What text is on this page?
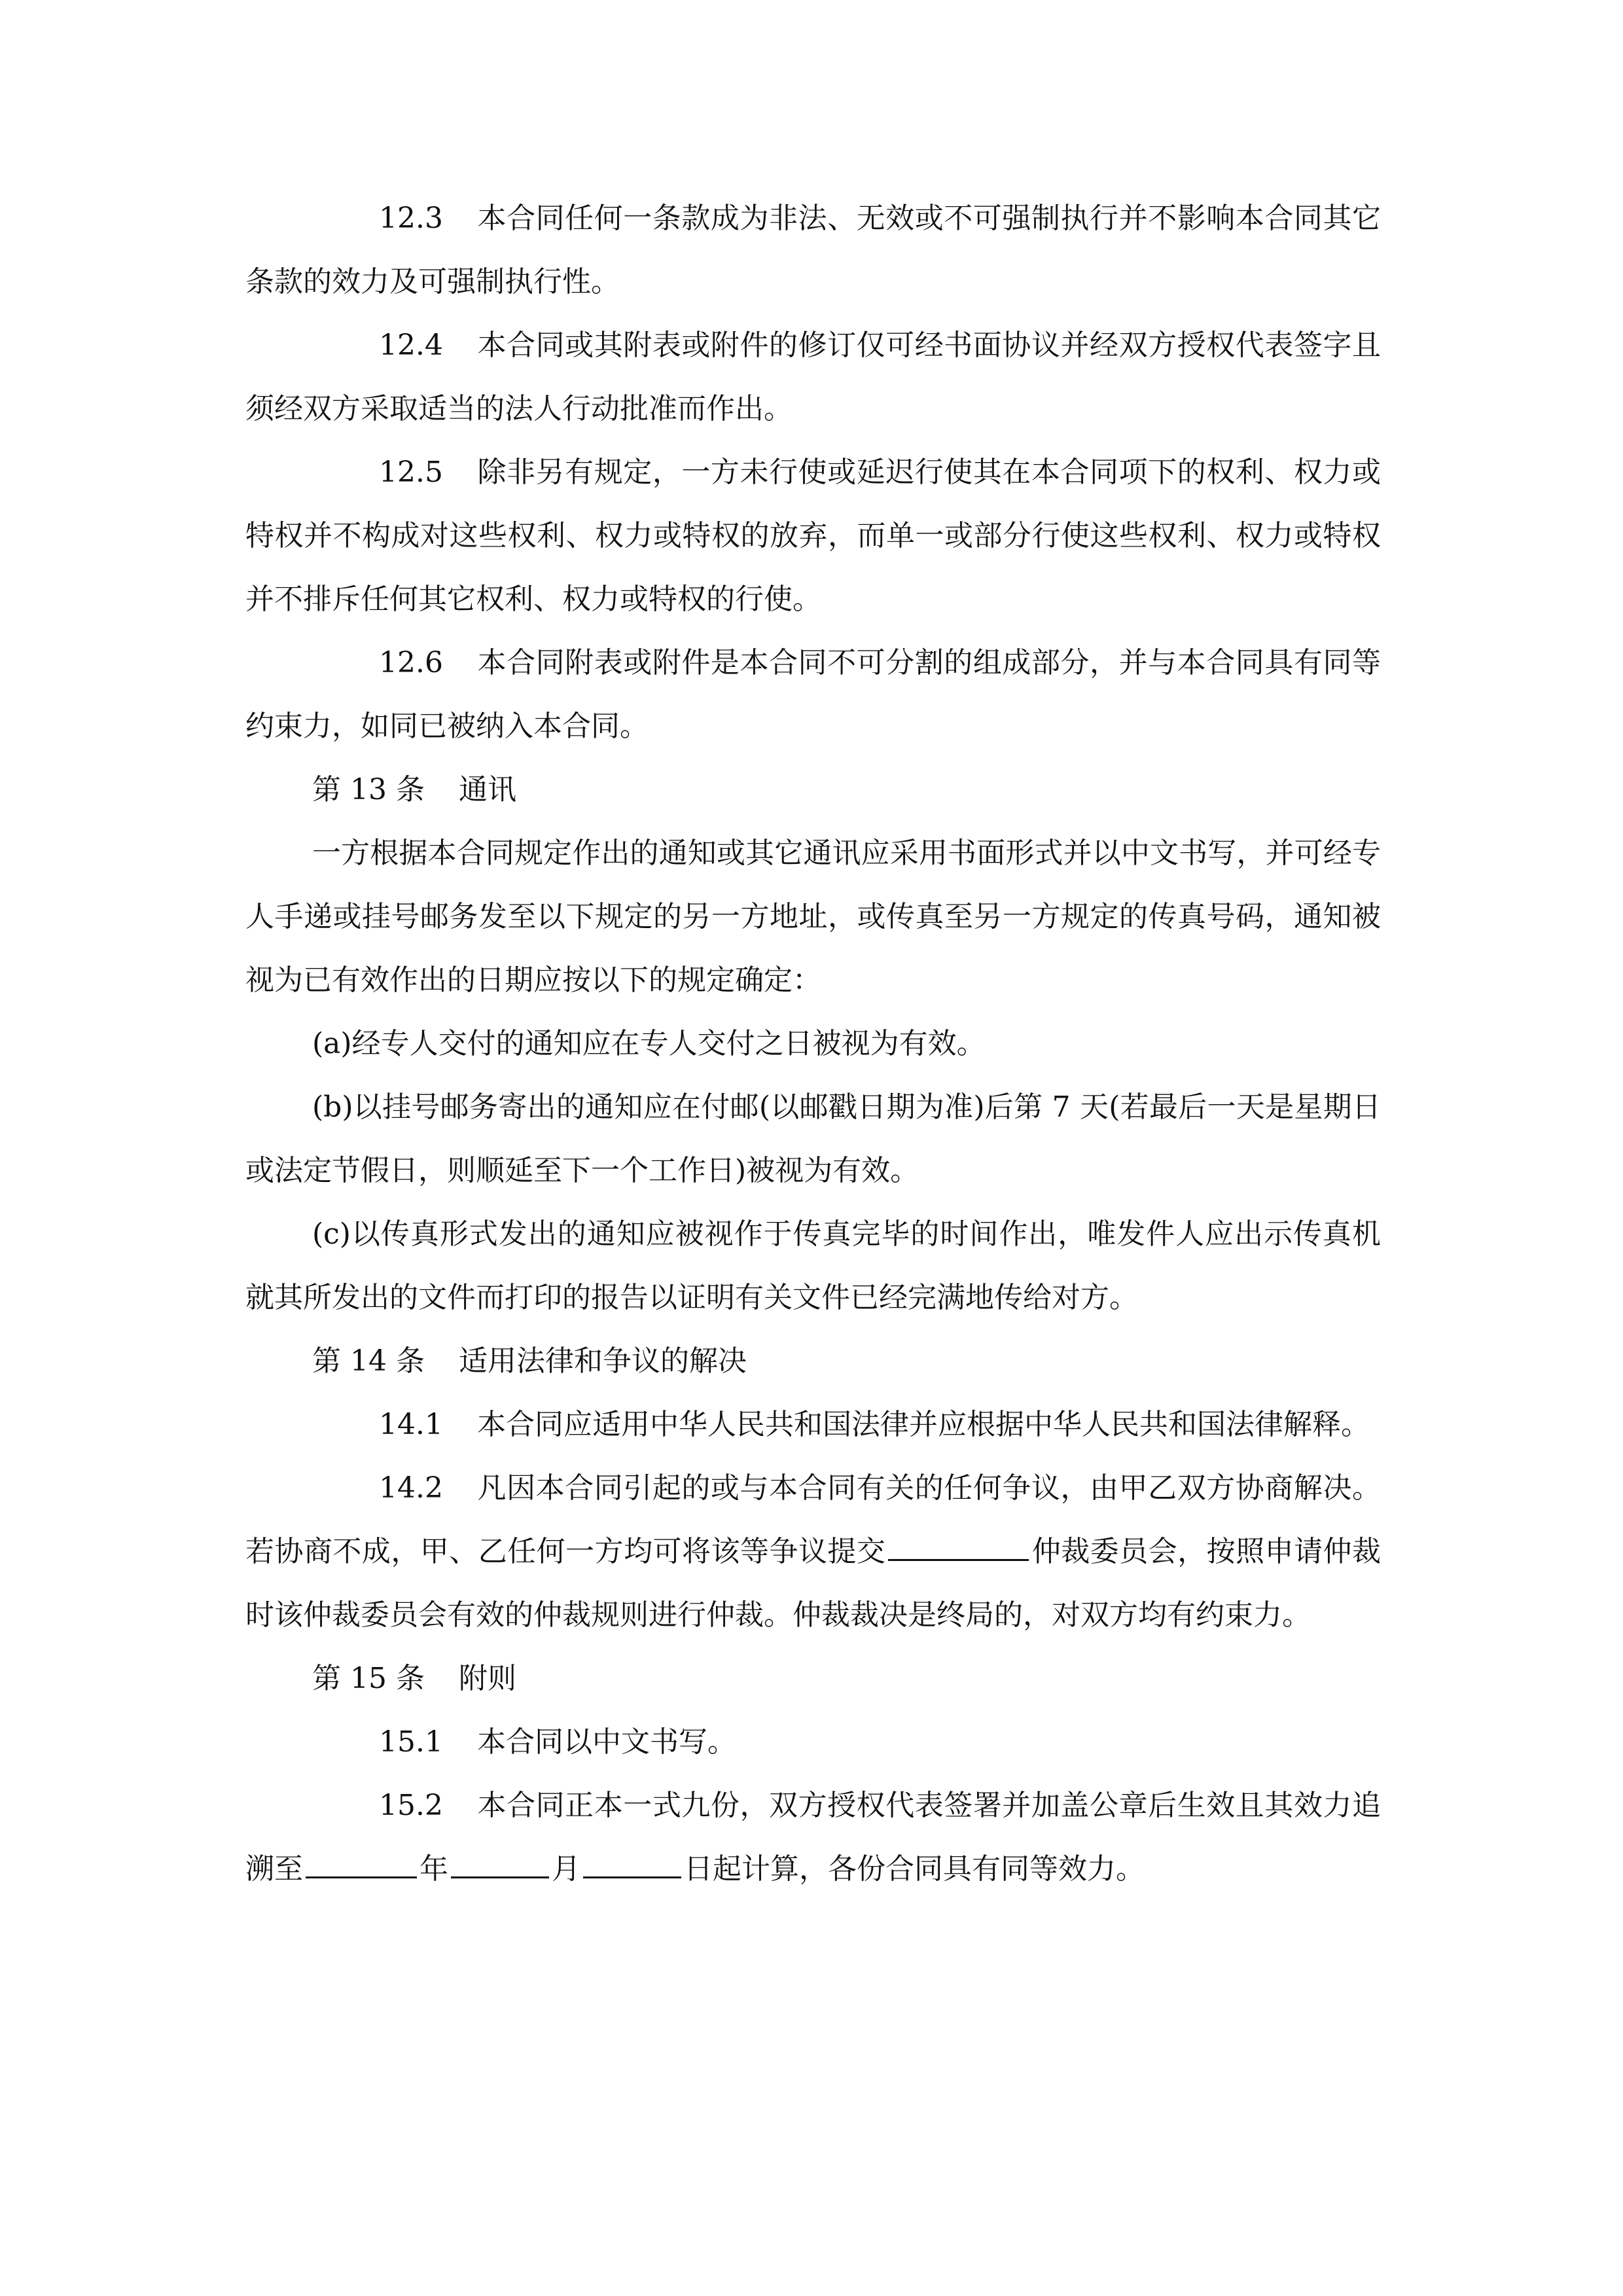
12.3 本合同任何一条款成为非法、无效或不可强制执行并不影响本合同其它条款的效力及可强制执行性。

12.4 本合同或其附表或附件的修订仅可经书面协议并经双方授权代表签字且须经双方采取适当的法人行动批准而作出。

12.5 除非另有规定，一方未行使或延迟行使其在本合同项下的权利、权力或特权并不构成对这些权利、权力或特权的放弃，而单一或部分行使这些权利、权力或特权并不排斥任何其它权利、权力或特权的行使。

12.6 本合同附表或附件是本合同不可分割的组成部分，并与本合同具有同等约束力，如同已被纳入本合同。

第 13 条 通讯

一方根据本合同规定作出的通知或其它通讯应采用书面形式并以中文书写，并可经专人手递或挂号邮务发至以下规定的另一方地址，或传真至另一方规定的传真号码，通知被视为已有效作出的日期应按以下的规定确定：

(a)经专人交付的通知应在专人交付之日被视为有效。

(b)以挂号邮务寄出的通知应在付邮(以邮戳日期为准)后第 7 天(若最后一天是星期日或法定节假日，则顺延至下一个工作日)被视为有效。

(c)以传真形式发出的通知应被视作于传真完毕的时间作出，唯发件人应出示传真机就其所发出的文件而打印的报告以证明有关文件已经完满地传给对方。

第 14 条 适用法律和争议的解决

14.1 本合同应适用中华人民共和国法律并应根据中华人民共和国法律解释。

14.2 凡因本合同引起的或与本合同有关的任何争议，由甲乙双方协商解决。若协商不成，甲、乙任何一方均可将该等争议提交	仲裁委员会，按照申请仲裁时该仲裁委员会有效的仲裁规则进行仲裁。仲裁裁决是终局的，对双方均有约束力。

第 15 条 附则

15.1 本合同以中文书写。

15.2 本合同正本一式九份，双方授权代表签署并加盖公章后生效且其效力追溯至	年	月	日起计算，各份合同具有同等效力。
